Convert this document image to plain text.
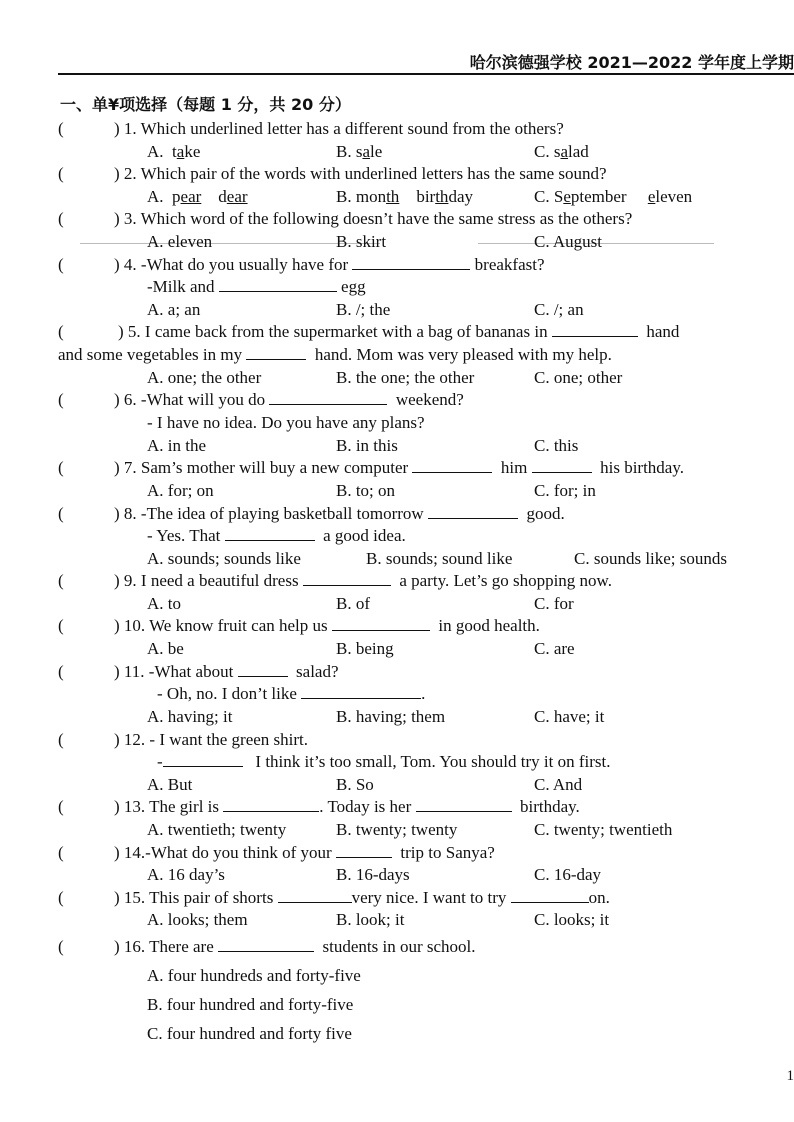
哈尔滨德强学校 2021—2022 学年度上学期
一、单¥项选择（每题 1 分，共 20 分）
(	) 1. Which underlined letter has a different sound from the others?
A. take	B. sale	C. salad
(	) 2. Which pair of the words with underlined letters has the same sound?
A. pear dear	B. month birthday	C. September eleven
(	) 3. Which word of the following doesn’t have the same stress as the others?
A. eleven	B. skirt	C. August
(	) 4. -What do you usually have for	breakfast?
-Milk and	egg
A. a; an	B. /; the	C. /; an
(	) 5. I came back from the supermarket with a bag of bananas in	hand
and some vegetables in my	hand. Mom was very pleased with my help.
A. one; the other	B. the one; the other	C. one; other
(	) 6. -What will you do	weekend?
- I have no idea. Do you have any plans?
A. in the	B. in this	C. this
(	) 7. Sam’s mother will buy a new computer	him	his birthday.
A. for; on	B. to; on	C. for; in
(	) 8. -The idea of playing basketball tomorrow	good.
- Yes. That	a good idea.
A. sounds; sounds like	B. sounds; sound like	C. sounds like; sounds
(	) 9. I need a beautiful dress	a party. Let’s go shopping now.
A. to	B. of	C. for
(	) 10. We know fruit can help us	in good health.
A. be	B. being	C. are
(	) 11. -What about	salad?
- Oh, no. I don’t like	.
A. having; it	B. having; them	C. have; it
(	) 12. - I want the green shirt.
-	I think it’s too small, Tom. You should try it on first.
A. But	B. So	C. And
(	) 13. The girl is	. Today is her	birthday.
A. twentieth; twenty	B. twenty; twenty	C. twenty; twentieth
(	) 14.-What do you think of your	trip to Sanya?
A. 16 day’s	B. 16-days	C. 16-day
(	) 15. This pair of shorts	very nice. I want to try	on.
A. looks; them	B. look; it	C. looks; it
(	) 16. There are	students in our school.
A. four hundreds and forty-five
B. four hundred and forty-five
C. four hundred and forty five
1
